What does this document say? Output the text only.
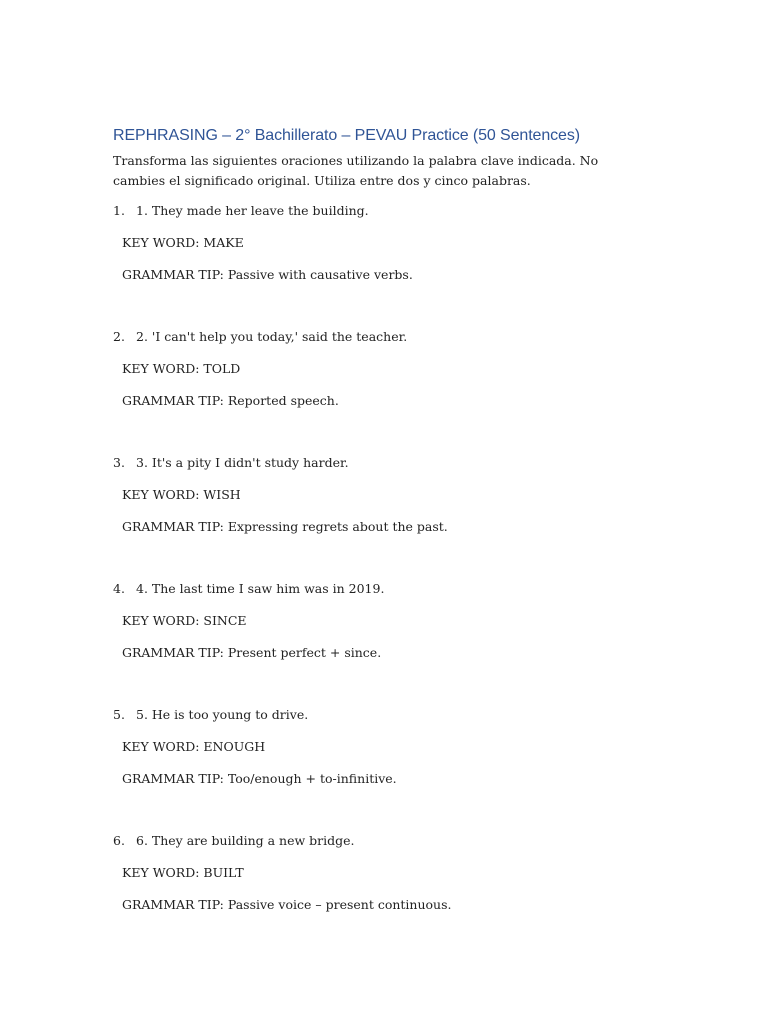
REPHRASING – 2° Bachillerato – PEVAU Practice (50 Sentences)

Transforma las siguientes oraciones utilizando la palabra clave indicada. No cambies el significado original. Utiliza entre dos y cinco palabras.

1. 1. They made her leave the building.
KEY WORD: MAKE
GRAMMAR TIP: Passive with causative verbs.
2. 2. 'I can't help you today,' said the teacher.
KEY WORD: TOLD
GRAMMAR TIP: Reported speech.
3. 3. It's a pity I didn't study harder.
KEY WORD: WISH
GRAMMAR TIP: Expressing regrets about the past.
4. 4. The last time I saw him was in 2019.
KEY WORD: SINCE
GRAMMAR TIP: Present perfect + since.
5. 5. He is too young to drive.
KEY WORD: ENOUGH
GRAMMAR TIP: Too/enough + to-infinitive.
6. 6. They are building a new bridge.
KEY WORD: BUILT
GRAMMAR TIP: Passive voice – present continuous.
